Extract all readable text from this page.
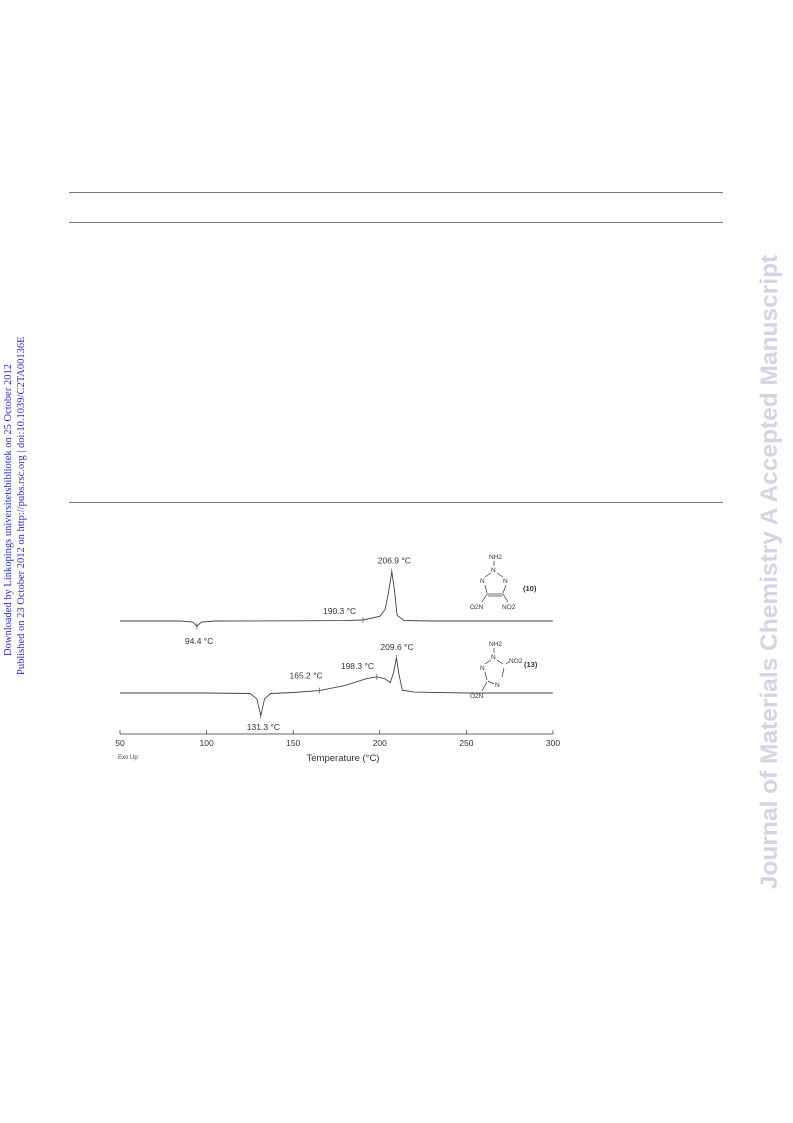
Downloaded by Linkopings universitetsbibliotek on 25 October 2012 Published on 23 October 2012 on http://pubs.rsc.org | doi:10.1039/C2TA00136E	Journal of Materials Chemistry A Accepted Manuscript
94.4 °C
190.3 °C
206.9 °C
131.3 °C
165.2 °C
198.3 °C
209.6 °C
50	100	150	200	250	300
Temperature (°C)
Exo Up
NH2
N
N	N
O2N	NO2
(10)
NH2
N
NO2
N
N
O2N
(13)
